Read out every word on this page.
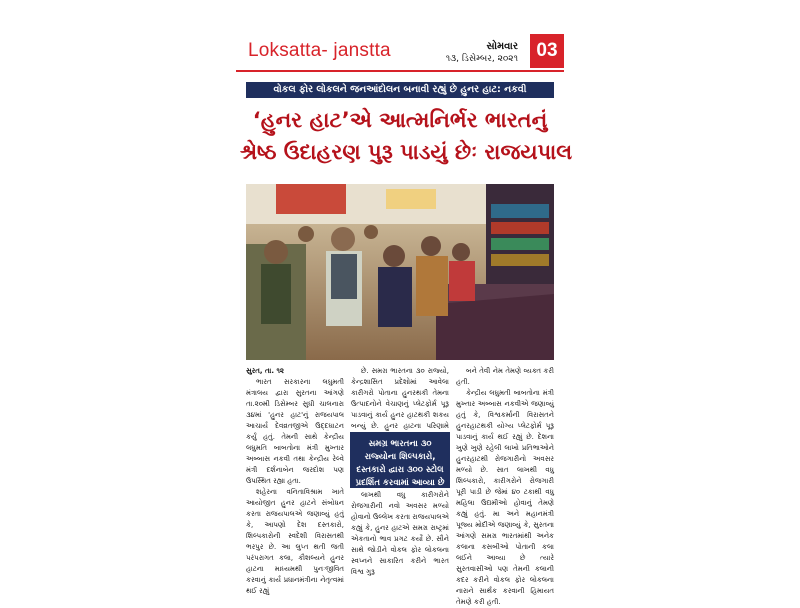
Loksatta- janstta	સોમવાર
૧૩, ડિસેમ્બર, ૨૦૨૧ 03
વોકલ ફોર લોકલને જનઆંદોલન બનાવી રહ્યું છે હુનર હાટ: નકવી
‘હુનર હાટ’એ આત્મનિર્ભર ભારતનું
શ્રેષ્ઠ ઉદાહરણ પુરૂ પાડયું છેઃ રાજયપાલ
સુરત, તા. ૧૨

ભારત સરકારના લઘુમતી મંત્રાલય દ્વારા સુરતના આંગણે તા.૨૦મી ડિસેમ્બર સુધી ચાલનારા ૩૪માં 'હુનર હાટ'નું રાજયપાલ આચાર્ય દેવવ્રતજીએ ઉદ્દઘાટન કર્યું હતું. તેમની સાથે કેન્દ્રીય લઘુમતિ બાબતોના મંત્રી મુખ્તાર અબ્બાસ નકવી તથા કેન્દ્રીય રેલ્વે મંત્રી દર્શનાબેન જરદોશ પણ ઉપસ્થિત રહ્યા હતા.

શહેરના વનિતાવિશ્રામ ખાતે આયોજીત હુનર હાટને સંબોધન કરતા રાજયપાલએ જણાવ્યું હતું કે, આપણો દેશ દસ્તકારો, શિલ્પકારોની સ્વદેશી વિરાસતથી ભરપુર છે. આ લુપ્ત થતી જતી પરંપરાગત કલા, કૌશલ્યને હુનર હાટના માધ્યમથી પુનઃજીવિત કરવાનું કાર્ય પ્રધાનમંત્રીના નેતૃત્વમાં થઈ રહ્યું

છે. સમગ્ર ભારતના ૩૦ રાજ્યો, કેન્દ્રશાસિત પ્રદેશોમાં આવેલા કારીગરો પોતાના હુનરથકી તેમના ઉત્પાદનોને વેચાણનું પ્લેટફોર્મ પૂરૂ પાડવાનું કાર્ય હુનર હાટથકી શકય બન્યું છે. હુનર હાટના પરિણામે

લાખથી વધુ કારીગરોને રોજગારીની નવો અવસર મળ્યો હોવાનો ઉલ્લેખ કરતા રાજયપાલએ કહ્યું કે, હુનર હાટએ સમગ્ર રાષ્ટ્રમાં એકતાનો ભાવ પ્રગટ કર્યો છે. સૌને સાથે જોડીને વોકલ ફોર લોકલના સ્વપ્નને સાકારિત કરીને ભારત વિશ્વ ગુરૂ

બને તેવી નેમ તેમણે વ્યક્ત કરી હતી.

કેન્દ્રીય લઘુમતી બાબતોના મંત્રી મુખ્તાર અબ્બાસ નકવીએ જણાવ્યું હતું કે, વિશ્વકર્માની વિરાસતને હુનરહાટથકી યોગ્ય પ્લેટફોર્મ પૂરૂ પાડવાનું કાર્ય થઈ રહ્યું છે. દેશના ખુણે ખુણે રહેલી લાખો પ્રતિભાઓને હુનરહાટથી રોજગારીનો અવસર મળ્યો છે. સાત લાખથી વધુ શિલ્પકારો, કારીગરોને રોજગારી પૂરી પાડી છે જેમાં ૪૦ ટકાથી વધુ મહિલા ઉદ્યમીઓ હોવાનું તેમણે કહ્યું હતું. મા અને મહાનમંત્રી પૂજ્ય મોદીએ જણાવ્યું કે, સુરતના આંગણે સમગ્ર ભારતમાંથી અનેક કલાના કસબીઓ પોતાની કલા લઈને આવ્યા છે ત્યારે સુરતવાસીઓ પણ તેમની કલાની કદર કરીને વોકલ ફોર લોકલના નારાને સાર્થક કરવાની હિમાયત તેમણે કરી હતી.

સમગ્ર ભારતના ૩૦
રાજ્યોના શિલ્પકારો,
દસ્તકારો દ્વારા ૩૦૦ સ્ટોલ
પ્રદર્શિત કરવામાં આવ્યા છે
